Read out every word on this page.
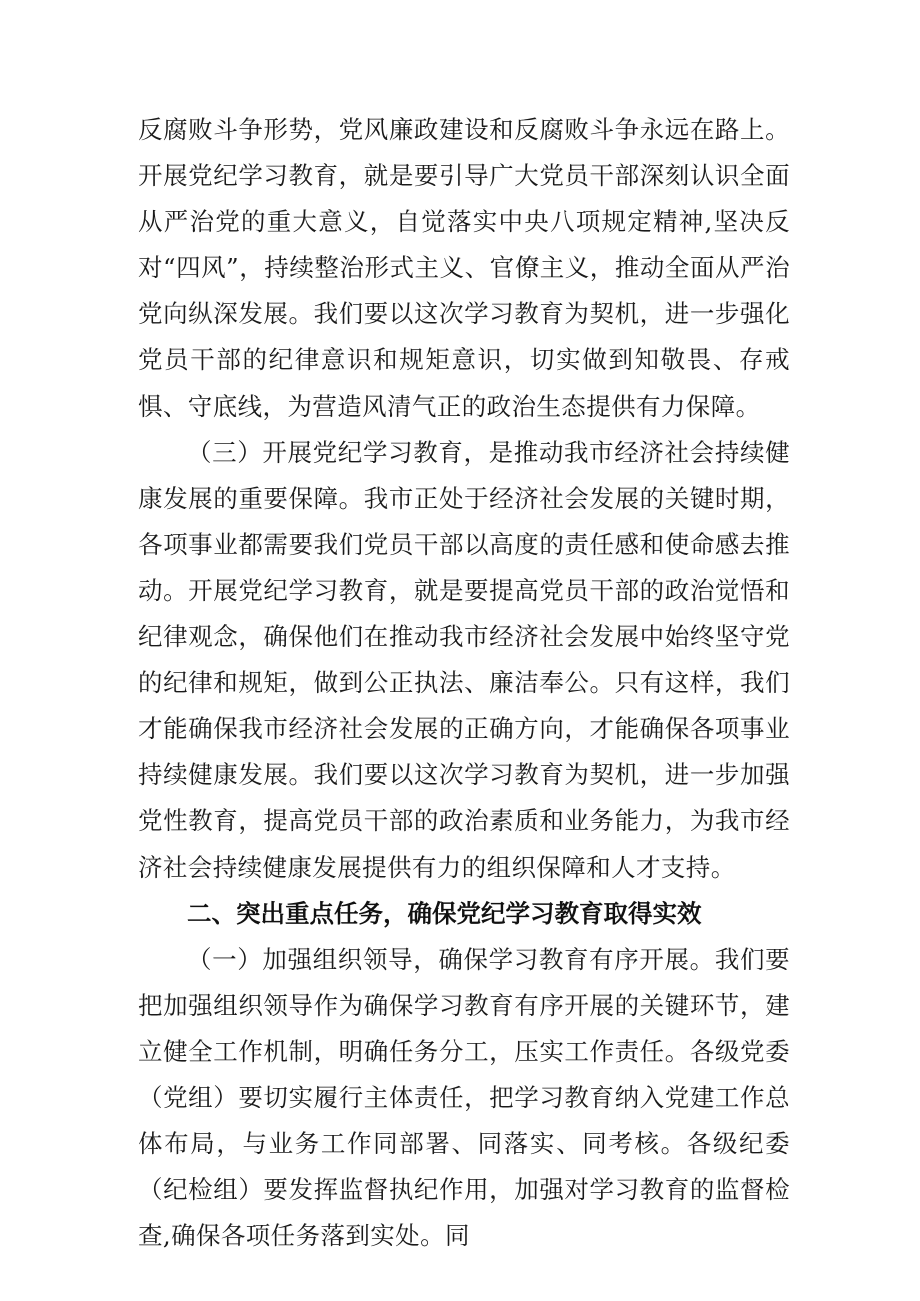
反腐败斗争形势，党风廉政建设和反腐败斗争永远在路上。开展党纪学习教育，就是要引导广大党员干部深刻认识全面从严治党的重大意义，自觉落实中央八项规定精神,坚决反对“四风”，持续整治形式主义、官僚主义，推动全面从严治党向纵深发展。我们要以这次学习教育为契机，进一步强化党员干部的纪律意识和规矩意识，切实做到知敬畏、存戒惧、守底线，为营造风清气正的政治生态提供有力保障。

（三）开展党纪学习教育，是推动我市经济社会持续健康发展的重要保障。我市正处于经济社会发展的关键时期，各项事业都需要我们党员干部以高度的责任感和使命感去推动。开展党纪学习教育，就是要提高党员干部的政治觉悟和纪律观念，确保他们在推动我市经济社会发展中始终坚守党的纪律和规矩，做到公正执法、廉洁奉公。只有这样，我们才能确保我市经济社会发展的正确方向，才能确保各项事业持续健康发展。我们要以这次学习教育为契机，进一步加强党性教育，提高党员干部的政治素质和业务能力，为我市经济社会持续健康发展提供有力的组织保障和人才支持。

二、突出重点任务，确保党纪学习教育取得实效

（一）加强组织领导，确保学习教育有序开展。我们要把加强组织领导作为确保学习教育有序开展的关键环节，建立健全工作机制，明确任务分工，压实工作责任。各级党委（党组）要切实履行主体责任，把学习教育纳入党建工作总体布局，与业务工作同部署、同落实、同考核。各级纪委（纪检组）要发挥监督执纪作用，加强对学习教育的监督检查,确保各项任务落到实处。同
